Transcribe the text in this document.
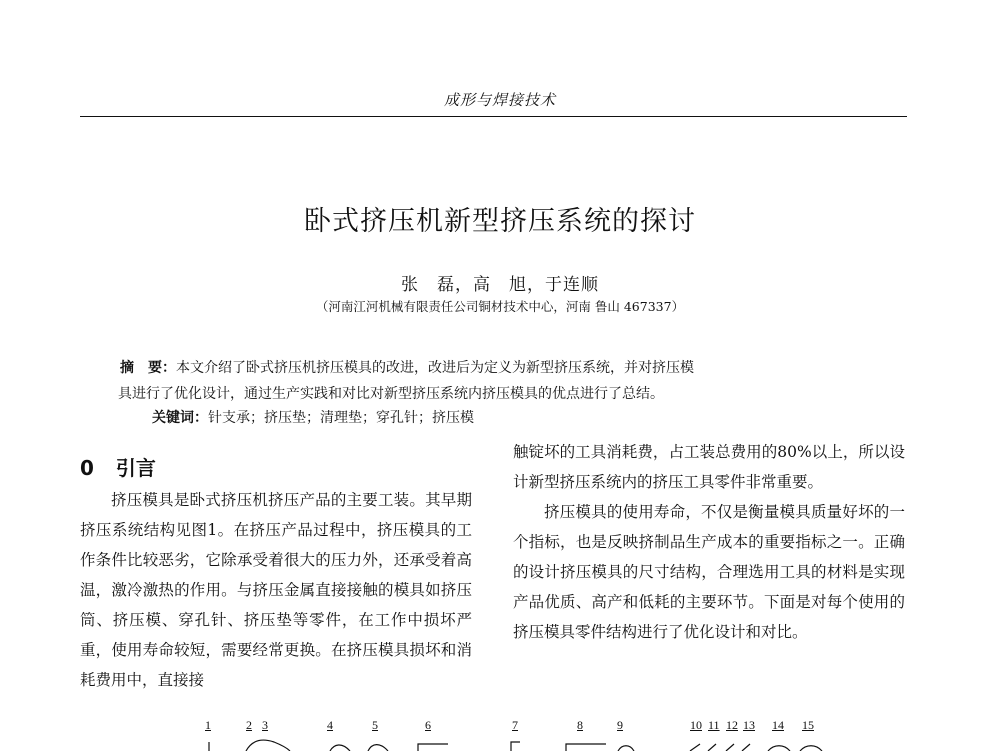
成形与焊接技术
卧式挤压机新型挤压系统的探讨
张　磊，高　旭，于连顺
（河南江河机械有限责任公司铜材技术中心，河南 鲁山 467337）
摘　要：本文介绍了卧式挤压机挤压模具的改进，改进后为定义为新型挤压系统，并对挤压模
具进行了优化设计，通过生产实践和对比对新型挤压系统内挤压模具的优点进行了总结。
关键词：针支承；挤压垫；清理垫；穿孔针；挤压模
0 引言

挤压模具是卧式挤压机挤压产品的主要工装。其早期挤压系统结构见图1。在挤压产品过程中，挤压模具的工作条件比较恶劣，它除承受着很大的压力外，还承受着高温，激冷激热的作用。与挤压金属直接接触的模具如挤压筒、挤压模、穿孔针、挤压垫等零件，在工作中损坏严重，使用寿命较短，需要经常更换。在挤压模具损坏和消耗费用中，直接接

触锭坏的工具消耗费，占工装总费用的80%以上，所以设计新型挤压系统内的挤压工具零件非常重要。

挤压模具的使用寿命，不仅是衡量模具质量好坏的一个指标，也是反映挤制品生产成本的重要指标之一。正确的设计挤压模具的尺寸结构，合理选用工具的材料是实现产品优质、高产和低耗的主要环节。下面是对每个使用的挤压模具零件结构进行了优化设计和对比。

1	2 3	4	5	6	7	8	9	10 11 12 13 14 15
